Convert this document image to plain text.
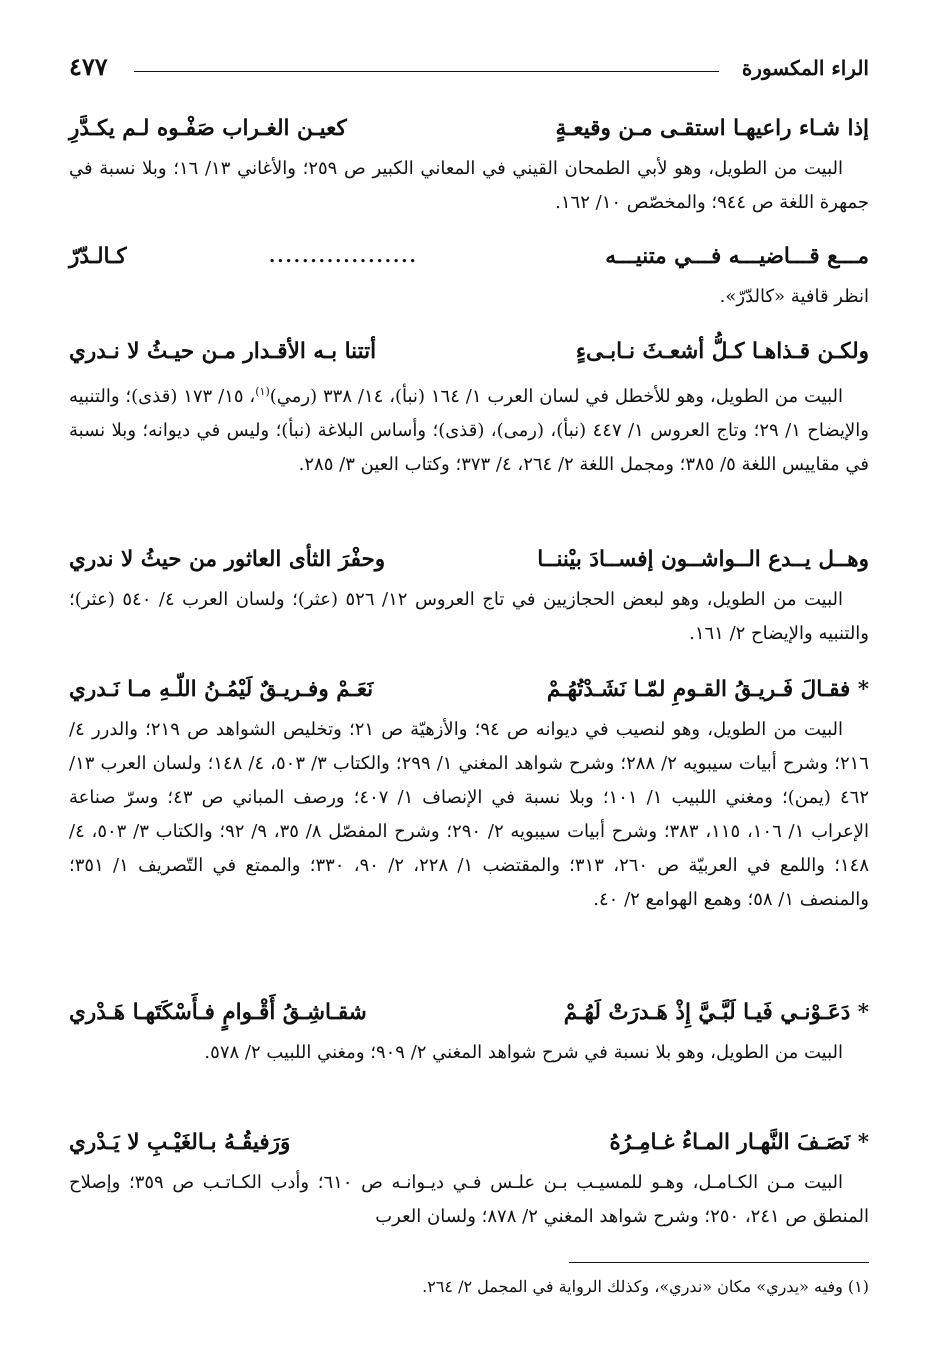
الراء المكسورة
٤٧٧
إذا شـاء راعيهـا استقـى مـن وقيعـةٍ
كعيـن الغـراب صَفْـوه لـم يكـدَّرِ
البيت من الطويل، وهو لأبي الطمحان القيني في المعاني الكبير ص ٢٥٩؛ والأغاني ١٣/ ١٦؛ وبلا نسبة في جمهرة اللغة ص ٩٤٤؛ والمخصّص ١٠/ ١٦٢.
مـــع قـــاضيـــه فـــي متنيـــه
..................
كـالـدّرّ
انظر قافية «كالدّرّ».
ولكـن قـذاهـا كـلُّ أشعـثَ نـابـىءٍ
أتتنا بـه الأقـدار مـن حيـثُ لا نـدري
البيت من الطويل، وهو للأخطل في لسان العرب ١/ ١٦٤ (نبأ)، ١٤/ ٣٣٨ (رمي)$^{(١)}$، ١٥/ ١٧٣ (قذى)؛ والتنبيه والإيضاح ١/ ٢٩؛ وتاج العروس ١/ ٤٤٧ (نبأ)، (رمى)، (قذى)؛ وأساس البلاغة (نبأ)؛ وليس في ديوانه؛ وبلا نسبة في مقاييس اللغة ٥/ ٣٨٥؛ ومجمل اللغة ٢/ ٢٦٤، ٤/ ٣٧٣؛ وكتاب العين ٣/ ٢٨٥.
وهــل يــدع الــواشــون إفســادَ بيْننــا
وحفْرَ الثأى العاثور من حيثُ لا ندري
البيت من الطويل، وهو لبعض الحجازيين في تاج العروس ١٢/ ٥٢٦ (عثر)؛ ولسان العرب ٤/ ٥٤٠ (عثر)؛ والتنبيه والإيضاح ٢/ ١٦١.
* فقـالَ فَـريـقُ القـومِ لمّـا نَشَـدْتُهُـمْ
نَعَـمْ وفـريـقٌ لَيْمُـنُ اللّـهِ مـا نَـدري
البيت من الطويل، وهو لنصيب في ديوانه ص ٩٤؛ والأزهيّة ص ٢١؛ وتخليص الشواهد ص ٢١٩؛ والدرر ٤/ ٢١٦؛ وشرح أبيات سيبويه ٢/ ٢٨٨؛ وشرح شواهد المغني ١/ ٢٩٩؛ والكتاب ٣/ ٥٠٣، ٤/ ١٤٨؛ ولسان العرب ١٣/ ٤٦٢ (يمن)؛ ومغني اللبيب ١/ ١٠١؛ وبلا نسبة في الإنصاف ١/ ٤٠٧؛ ورصف المباني ص ٤٣؛ وسرّ صناعة الإعراب ١/ ١٠٦، ١١٥، ٣٨٣؛ وشرح أبيات سيبويه ٢/ ٢٩٠؛ وشرح المفصّل ٨/ ٣٥، ٩/ ٩٢؛ والكتاب ٣/ ٥٠٣، ٤/ ١٤٨؛ واللمع في العربيّة ص ٢٦٠، ٣١٣؛ والمقتضب ١/ ٢٢٨، ٢/ ٩٠، ٣٣٠؛ والممتع في التّصريف ١/ ٣٥١؛ والمنصف ١/ ٥٨؛ وهمع الهوامع ٢/ ٤٠.
* دَعَـوْنـي فَيـا لَبَّـيَّ إِذْ هَـدرَتْ لَهُـمْ
شقـاشِـقُ أَقْـوامٍ فـأَسْكَتَهـا هَـدْري
البيت من الطويل، وهو بلا نسبة في شرح شواهد المغني ٢/ ٩٠٩؛ ومغني اللبيب ٢/ ٥٧٨.
* نَصَـفَ النَّهـار المـاءُ غـامِـرُهُ
وَرَفيقُـهُ بـالغَيْـبِ لا يَـدْري
البيت مـن الكـامـل، وهـو للمسيـب بـن علـس فـي ديـوانـه ص ٦١٠؛ وأدب الكـاتـب ص ٣٥٩؛ وإصلاح المنطق ص ٢٤١، ٢٥٠؛ وشرح شواهد المغني ٢/ ٨٧٨؛ ولسان العرب
(١) وفيه «يدري» مكان «ندري»، وكذلك الرواية في المجمل ٢/ ٢٦٤.
